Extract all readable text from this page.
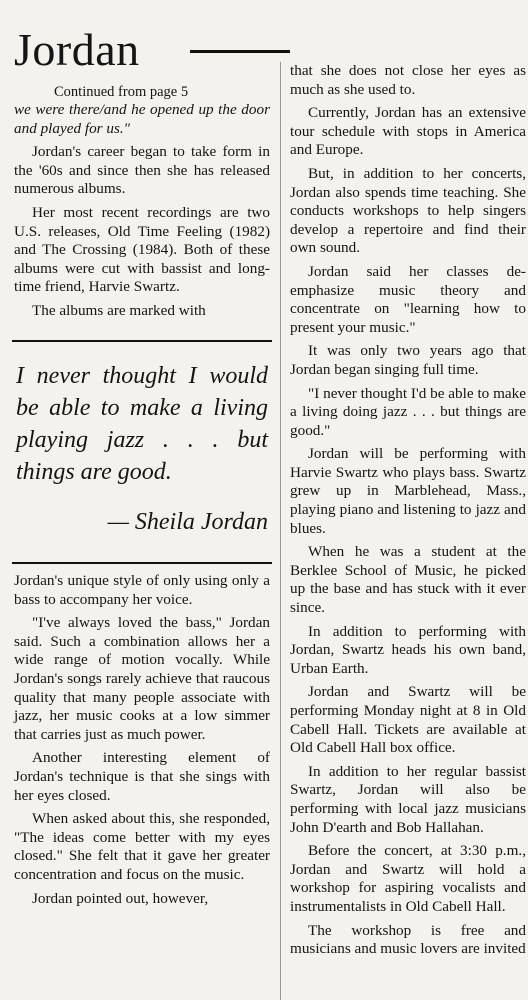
Jordan

Continued from page 5

we were there/and he opened up the door and played for us."

Jordan's career began to take form in the '60s and since then she has released numerous albums.

Her most recent recordings are two U.S. releases, Old Time Feeling (1982) and The Crossing (1984). Both of these albums were cut with bassist and long-time friend, Harvie Swartz.

The albums are marked with

I never thought I would be able to make a living playing jazz . . . but things are good.
— Sheila Jordan

Jordan's unique style of only using only a bass to accompany her voice.

"I've always loved the bass," Jordan said. Such a combination allows her a wide range of motion vocally. While Jordan's songs rarely achieve that raucous quality that many people associate with jazz, her music cooks at a low simmer that carries just as much power.

Another interesting element of Jordan's technique is that she sings with her eyes closed.

When asked about this, she responded, "The ideas come better with my eyes closed." She felt that it gave her greater concentration and focus on the music.

Jordan pointed out, however,

that she does not close her eyes as much as she used to.

Currently, Jordan has an extensive tour schedule with stops in America and Europe.

But, in addition to her concerts, Jordan also spends time teaching. She conducts workshops to help singers develop a repertoire and find their own sound.

Jordan said her classes de-emphasize music theory and concentrate on "learning how to present your music."

It was only two years ago that Jordan began singing full time.

"I never thought I'd be able to make a living doing jazz . . . but things are good."

Jordan will be performing with Harvie Swartz who plays bass. Swartz grew up in Marblehead, Mass., playing piano and listening to jazz and blues.

When he was a student at the Berklee School of Music, he picked up the base and has stuck with it ever since.

In addition to performing with Jordan, Swartz heads his own band, Urban Earth.

Jordan and Swartz will be performing Monday night at 8 in Old Cabell Hall. Tickets are available at Old Cabell Hall box office.

In addition to her regular bassist Swartz, Jordan will also be performing with local jazz musicians John D'earth and Bob Hallahan.

Before the concert, at 3:30 p.m., Jordan and Swartz will hold a workshop for aspiring vocalists and instrumentalists in Old Cabell Hall.

The workshop is free and musicians and music lovers are invited
